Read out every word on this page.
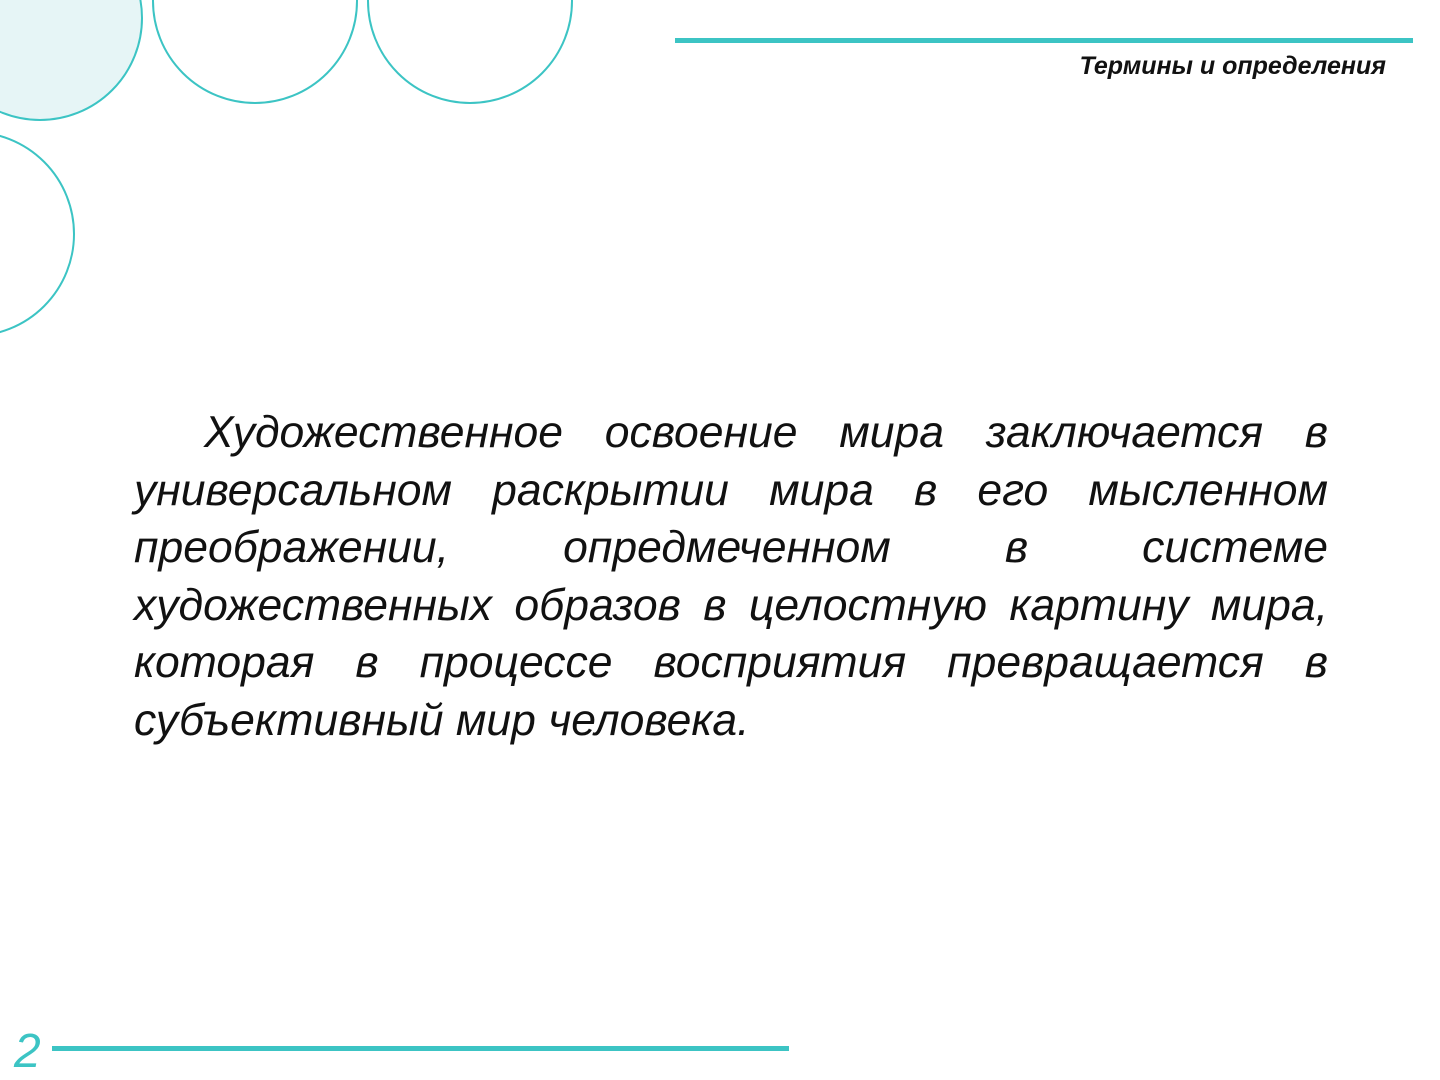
Термины и определения

Художественное освоение мира заключается в универсальном раскрытии мира в его мысленном преображении, опредмеченном в системе художественных образов в целостную картину мира, которая в процессе восприятия превращается в субъективный мир человека.

2
